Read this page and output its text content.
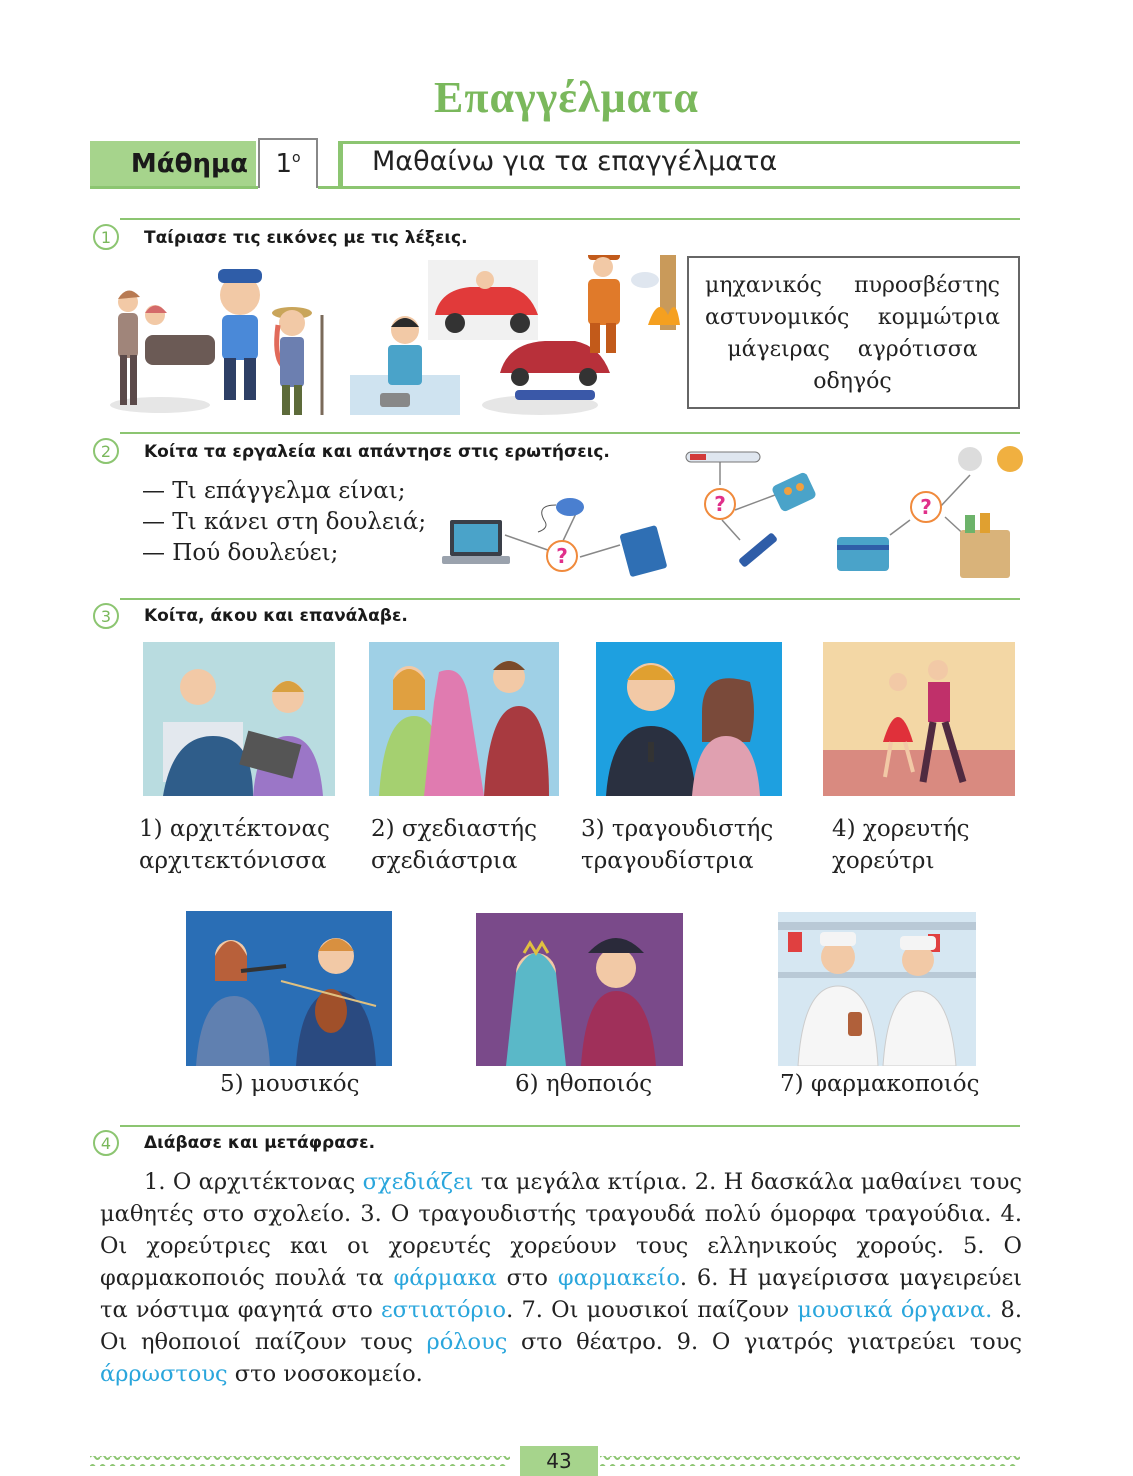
Επαγγέλματα
Μάθημα	$1^o$	Μαθαίνω για τα επαγγέλματα
1	Ταίριασε τις εικόνες με τις λέξεις.
μηχανικός πυροσβέστης
αστυνομικός κομμώτρια
μάγειρας αγρότισσα
οδηγός
2	Κοίτα τα εργαλεία και απάντησε στις ερωτήσεις.
— Τι επάγγελμα είναι;
— Τι κάνει στη δουλειά;
— Πού δουλεύει;	?
?	?
3	Κοίτα, άκου και επανάλαβε.
1) αρχιτέκτονας
αρχιτεκτόνισσα
2) σχεδιαστής
σχεδιάστρια
3) τραγουδιστής
τραγουδίστρια
4) χορευτής
χορεύτρι
5) μουσικός	6) ηθοποιός	7) φαρμακοποιός
4	Διάβασε και μετάφρασε.
1. Ο αρχιτέκτονας σχεδιάζει τα μεγάλα κτίρια. 2. Η δασκάλα μαθαίνει τους μαθητές στο σχολείο. 3. Ο τραγουδιστής τραγουδά πολύ όμορφα τραγούδια. 4. Οι χορεύτριες και οι χορευτές χορεύουν τους ελληνικούς χορούς. 5. Ο φαρμακοποιός πουλά τα φάρμακα στο φαρμακείο. 6. Η μαγείρισσα μαγειρεύει τα νόστιμα φαγητά στο εστιατόριο. 7. Οι μουσικοί παίζουν μουσικά όργανα. 8. Οι ηθοποιοί παίζουν τους ρόλους στο θέατρο. 9. Ο γιατρός γιατρεύει τους άρρωστους στο νοσοκομείο.
43
